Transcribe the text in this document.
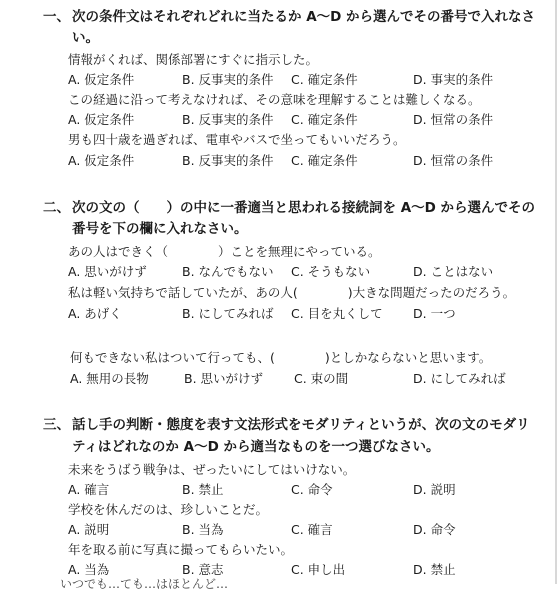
一、 次の条件文はそれぞれどれに当たるか A～D から選んでその番号で入れなさ
い。
情報がくれば、関係部署にすぐに指示した。
A. 仮定条件	B. 反事実的条件 C. 確定条件	D. 事実的条件
この経過に沿って考えなければ、その意味を理解することは難しくなる。
A. 仮定条件	B. 反事実的条件 C. 確定条件	D. 恒常の条件
男も四十歳を過ぎれば、電車やバスで坐ってもいいだろう。
A. 仮定条件	B. 反事実的条件 C. 確定条件	D. 恒常の条件
二、 次の文の（　　）の中に一番適当と思われる接続詞を A～D から選んでその
番号を下の欄に入れなさい。
あの人はできく（　　　　）ことを無理にやっている。
A. 思いがけず	B. なんでもない C. そうもない	D. ことはない
私は軽い気持ちで話していたが、あの人(　　　　)大きな問題だったのだろう。
A. あげく	B. にしてみれば C. 目を丸くして D. 一つ
何もできない私はついて行っても、(　　　　)としかならないと思います。
A. 無用の長物	B. 思いがけず C. 束の間	D. にしてみれば
三、 話し手の判断・態度を表す文法形式をモダリティというが、次の文のモダリ
ティはどれなのか A～D から適当なものを一つ選びなさい。
未来をうばう戦争は、ぜったいにしてはいけない。
A. 確言	B. 禁止	C. 命令	D. 説明
学校を休んだのは、珍しいことだ。
A. 説明	B. 当為	C. 確言	D. 命令
年を取る前に写真に撮ってもらいたい。
A. 当為	B. 意志	C. 申し出	D. 禁止
いつでも…ても…はほとんど…
